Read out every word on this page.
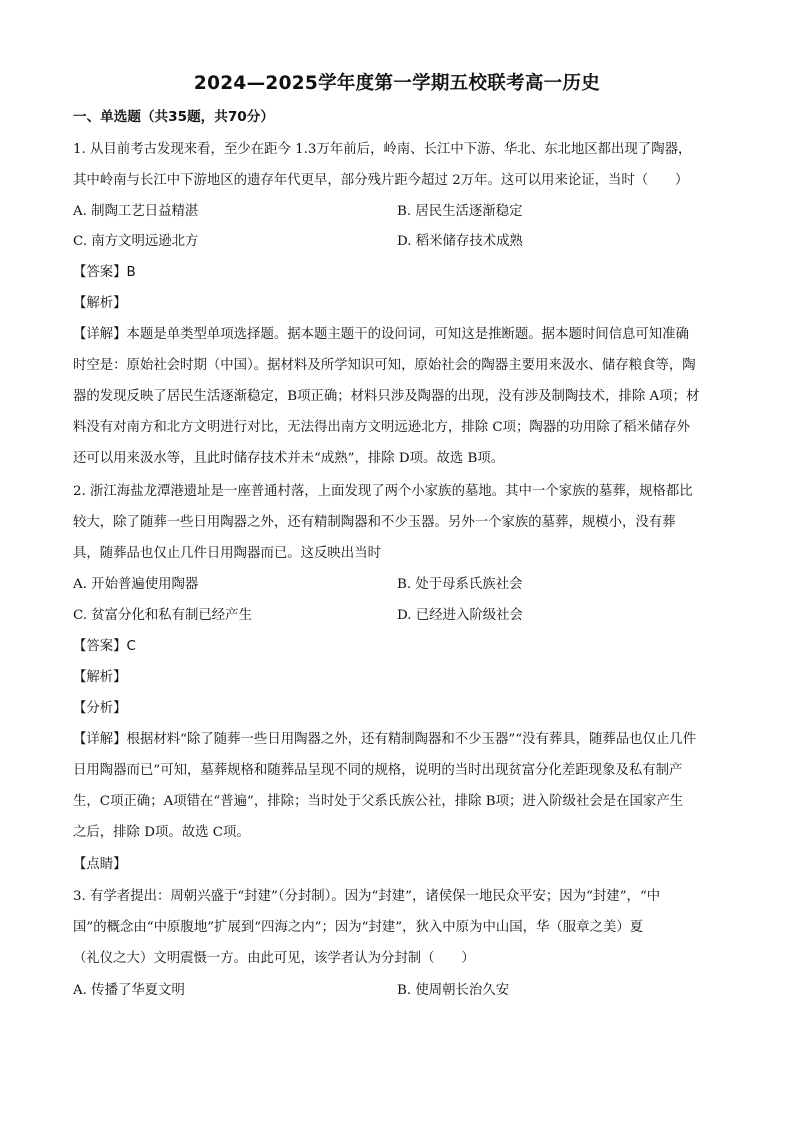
2024—2025学年度第一学期五校联考高一历史
一、单选题（共35题，共70分）
1. 从目前考古发现来看，至少在距今 1.3万年前后，岭南、长江中下游、华北、东北地区都出现了陶器，
其中岭南与长江中下游地区的遗存年代更早，部分残片距今超过 2万年。这可以用来论证，当时（　　）
A. 制陶工艺日益精湛	B. 居民生活逐渐稳定
C. 南方文明远逊北方	D. 稻米储存技术成熟
【答案】B
【解析】
【详解】本题是单类型单项选择题。据本题主题干的设问词，可知这是推断题。据本题时间信息可知准确
时空是：原始社会时期（中国）。据材料及所学知识可知，原始社会的陶器主要用来汲水、储存粮食等，陶
器的发现反映了居民生活逐渐稳定，B项正确；材料只涉及陶器的出现，没有涉及制陶技术，排除 A项；材
料没有对南方和北方文明进行对比，无法得出南方文明远逊北方，排除 C项；陶器的功用除了稻米储存外
还可以用来汲水等，且此时储存技术并未“成熟”，排除 D项。故选 B项。
2. 浙江海盐龙潭港遗址是一座普通村落，上面发现了两个小家族的墓地。其中一个家族的墓葬，规格都比
较大，除了随葬一些日用陶器之外，还有精制陶器和不少玉器。另外一个家族的墓葬，规模小，没有葬
具，随葬品也仅止几件日用陶器而已。这反映出当时
A. 开始普遍使用陶器	B. 处于母系氏族社会
C. 贫富分化和私有制已经产生	D. 已经进入阶级社会
【答案】C
【解析】
【分析】
【详解】根据材料“除了随葬一些日用陶器之外，还有精制陶器和不少玉器”“没有葬具，随葬品也仅止几件
日用陶器而已”可知，墓葬规格和随葬品呈现不同的规格，说明的当时出现贫富分化差距现象及私有制产
生，C项正确；A项错在“普遍”，排除；当时处于父系氏族公社，排除 B项；进入阶级社会是在国家产生
之后，排除 D项。故选 C项。
【点睛】
3. 有学者提出：周朝兴盛于“封建”（分封制）。因为“封建”，诸侯保一地民众平安；因为“封建”，“中
国”的概念由“中原腹地”扩展到“四海之内”；因为“封建”，狄入中原为中山国，华（服章之美）夏
（礼仪之大）文明震慑一方。由此可见，该学者认为分封制（　　）
A. 传播了华夏文明	B. 使周朝长治久安
